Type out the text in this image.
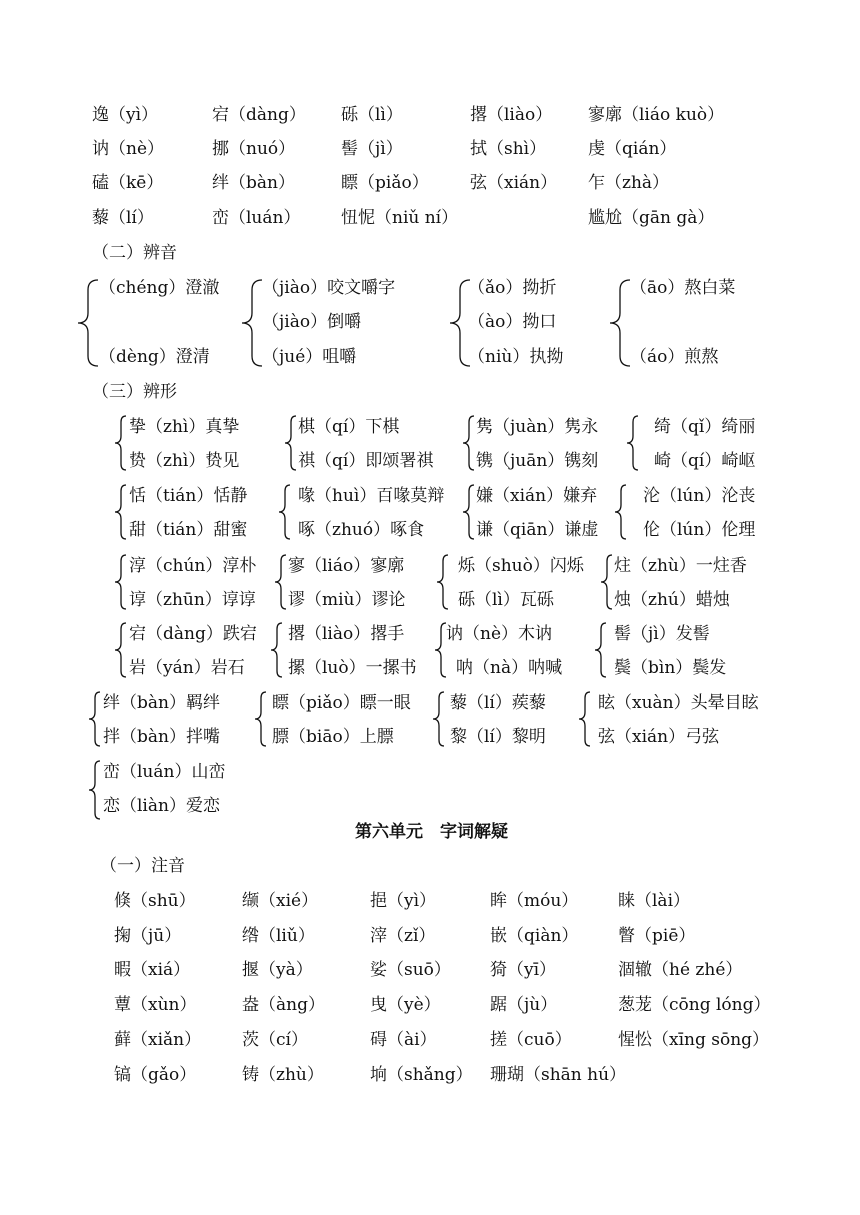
逸（yì）	宕（dàng） 砾（lì）	撂（liào） 寥廓（liáo kuò）
讷（nè）	挪（nuó）	髻（jì）	拭（shì） 虔（qián）
磕（kē）	绊（bàn）	瞟（piǎo） 弦（xián） 乍（zhà）
藜（lí）	峦（luán） 忸怩（niǔ ní）	尴尬（gān gà）
（二）辨音
（chéng）澄澈
（dèng）澄清
（jiào）咬文嚼字
（jiào）倒嚼
（jué）咀嚼
（ǎo）拗折
（ào）拗口
（niù）执拗
（āo）熬白菜
（áo）煎熬
（三）辨形
挚（zhì）真挚
贽（zhì）贽见
棋（qí）下棋
祺（qí）即颂署祺
隽（juàn）隽永
镌（juān）镌刻
绮（qǐ）绮丽
崎（qí）崎岖
恬（tián）恬静
甜（tián）甜蜜
喙（huì）百喙莫辩
啄（zhuó）啄食
嫌（xián）嫌弃
谦（qiān）谦虚
沦（lún）沦丧
伦（lún）伦理
淳（chún）淳朴
谆（zhūn）谆谆
寥（liáo）寥廓
谬（miù）谬论
烁（shuò）闪烁
砾（lì）瓦砾
炷（zhù）一炷香
烛（zhú）蜡烛
宕（dàng）跌宕
岩（yán）岩石
撂（liào）撂手
摞（luò）一摞书
讷（nè）木讷
呐（nà）呐喊
髻（jì）发髻
鬓（bìn）鬓发
绊（bàn）羁绊
拌（bàn）拌嘴
瞟（piǎo）瞟一眼
膘（biāo）上膘
藜（lí）蒺藜
黎（lí）黎明
眩（xuàn）头晕目眩
弦（xián）弓弦
峦（luán）山峦
恋（liàn）爱恋
第六单元　字词解疑
（一）注音
倏（shū）	缬（xié）	挹（yì）	眸（móu） 睐（lài）
掬（jū）	绺（liǔ）	滓（zǐ）	嵌（qiàn） 瞥（piē）
暇（xiá）	揠（yà）	娑（suō） 猗（yī）	涸辙（hé zhé）
蕈（xùn）	盎（àng）	曳（yè）	踞（jù）	葱茏（cōng lóng）
藓（xiǎn） 茨（cí）	碍（ài）	搓（cuō）	惺忪（xīng sōng）
镐（gǎo）	铸（zhù）	垧（shǎng） 珊瑚（shān hú）
